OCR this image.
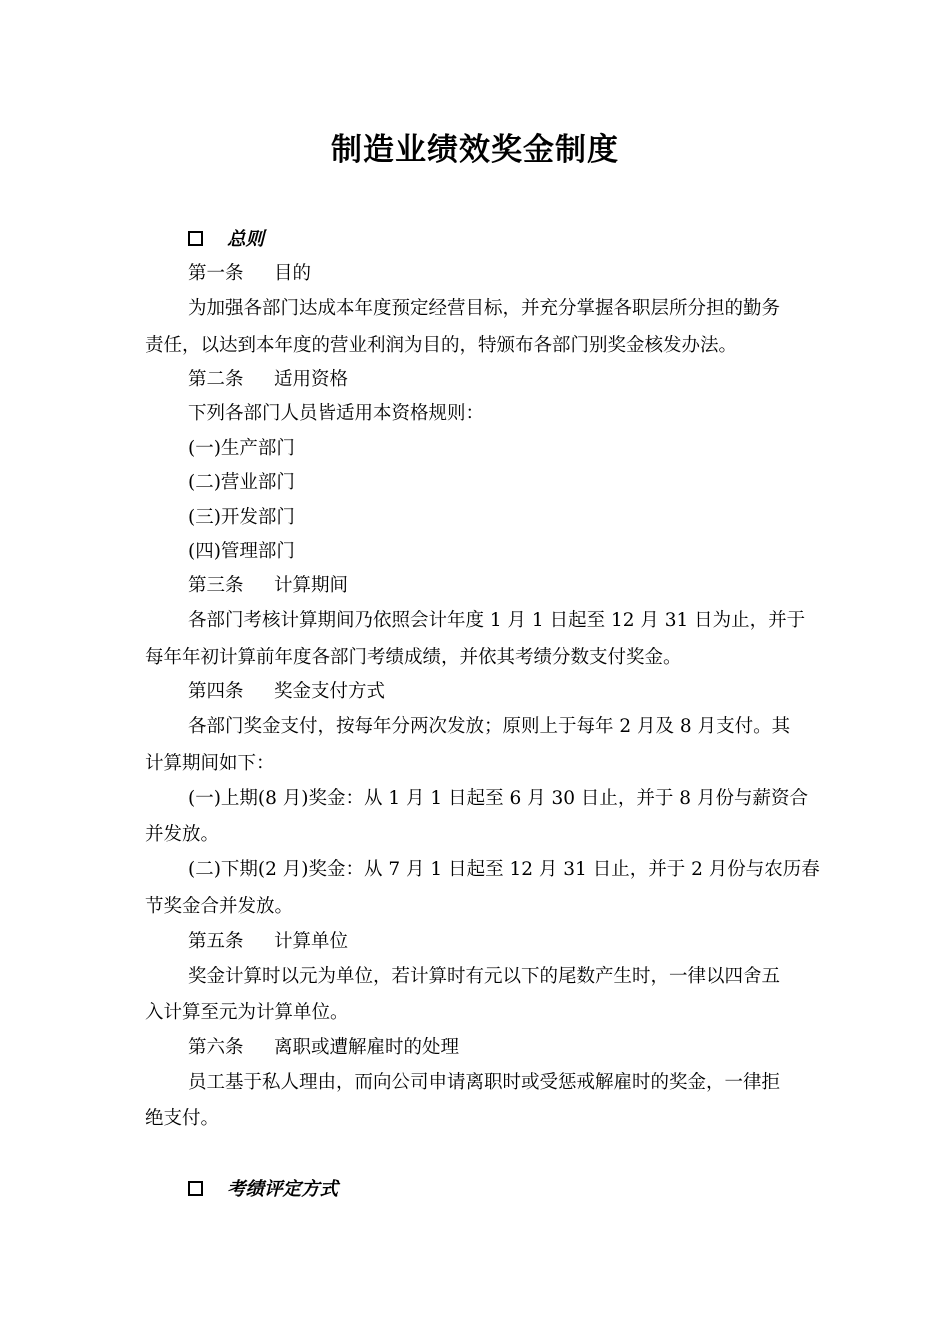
制造业绩效奖金制度
总则
第一条 目的
为加强各部门达成本年度预定经营目标，并充分掌握各职层所分担的勤务
责任，以达到本年度的营业利润为目的，特颁布各部门别奖金核发办法。
第二条 适用资格
下列各部门人员皆适用本资格规则：
(一)生产部门
(二)营业部门
(三)开发部门
(四)管理部门
第三条 计算期间
各部门考核计算期间乃依照会计年度 1 月 1 日起至 12 月 31 日为止，并于
每年年初计算前年度各部门考绩成绩，并依其考绩分数支付奖金。
第四条 奖金支付方式
各部门奖金支付，按每年分两次发放；原则上于每年 2 月及 8 月支付。其
计算期间如下：
(一)上期(8 月)奖金：从 1 月 1 日起至 6 月 30 日止，并于 8 月份与薪资合
并发放。
(二)下期(2 月)奖金：从 7 月 1 日起至 12 月 31 日止，并于 2 月份与农历春
节奖金合并发放。
第五条 计算单位
奖金计算时以元为单位，若计算时有元以下的尾数产生时，一律以四舍五
入计算至元为计算单位。
第六条 离职或遭解雇时的处理
员工基于私人理由，而向公司申请离职时或受惩戒解雇时的奖金，一律拒
绝支付。
考绩评定方式
